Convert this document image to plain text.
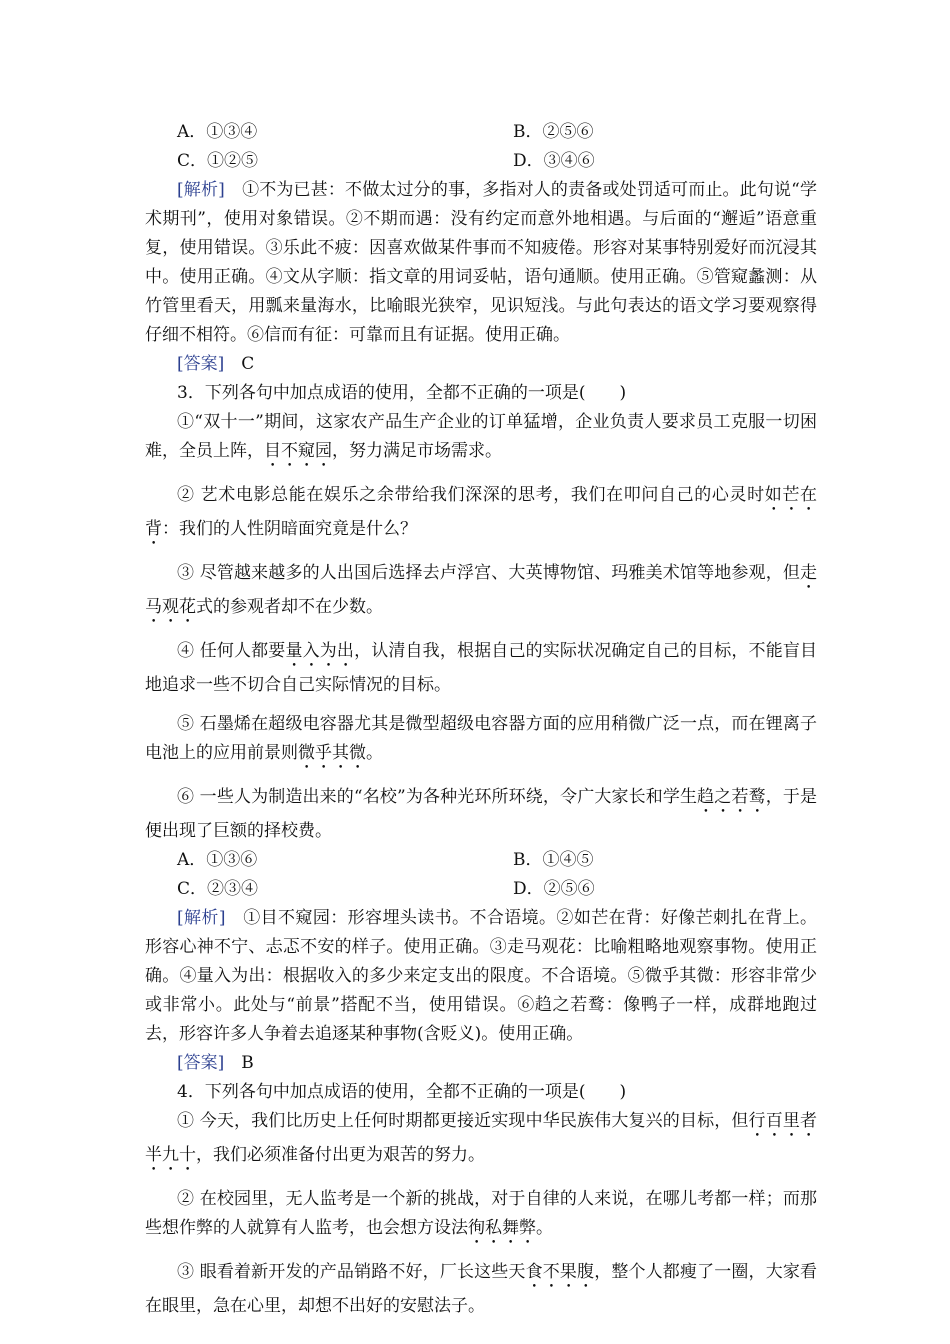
A．①③④	B．②⑤⑥
C．①②⑤	D．③④⑥

[解析]　 ①不为已甚：不做太过分的事，多指对人的责备或处罚适可而止。此句说“学术期刊”，使用对象错误。②不期而遇：没有约定而意外地相遇。与后面的“邂逅”语意重复，使用错误。③乐此不疲：因喜欢做某件事而不知疲倦。形容对某事特别爱好而沉浸其中。使用正确。④文从字顺：指文章的用词妥帖，语句通顺。使用正确。⑤管窥蠡测：从竹管里看天，用瓢来量海水，比喻眼光狭窄，见识短浅。与此句表达的语文学习要观察得仔细不相符。⑥信而有征：可靠而且有证据。使用正确。

[答案]　 C

3．下列各句中加点成语的使用，全都不正确的一项是(　　)

①“双十一”期间，这家农产品生产企业的订单猛增，企业负责人要求员工克服一切困难，全员上阵，目不窥园，努力满足市场需求。

② 艺术电影总能在娱乐之余带给我们深深的思考，我们在叩问自己的心灵时如芒在背：我们的人性阴暗面究竟是什么？

③ 尽管越来越多的人出国后选择去卢浮宫、大英博物馆、玛雅美术馆等地参观，但走马观花式的参观者却不在少数。

④ 任何人都要量入为出，认清自我，根据自己的实际状况确定自己的目标，不能盲目地追求一些不切合自己实际情况的目标。

⑤ 石墨烯在超级电容器尤其是微型超级电容器方面的应用稍微广泛一点，而在锂离子电池上的应用前景则微乎其微。

⑥ 一些人为制造出来的“名校”为各种光环所环绕，令广大家长和学生趋之若鹜，于是便出现了巨额的择校费。

A．①③⑥	B．①④⑤
C．②③④	D．②⑤⑥

[解析]　 ①目不窥园：形容埋头读书。不合语境。②如芒在背：好像芒刺扎在背上。形容心神不宁、忐忑不安的样子。使用正确。③走马观花：比喻粗略地观察事物。使用正确。④量入为出：根据收入的多少来定支出的限度。不合语境。⑤微乎其微：形容非常少或非常小。此处与“前景”搭配不当，使用错误。⑥趋之若鹜：像鸭子一样，成群地跑过去，形容许多人争着去追逐某种事物(含贬义)。使用正确。

[答案]　 B

4．下列各句中加点成语的使用，全都不正确的一项是(　　)

① 今天，我们比历史上任何时期都更接近实现中华民族伟大复兴的目标，但行百里者半九十，我们必须准备付出更为艰苦的努力。

② 在校园里，无人监考是一个新的挑战，对于自律的人来说，在哪儿考都一样；而那些想作弊的人就算有人监考，也会想方设法徇私舞弊。

③ 眼看着新开发的产品销路不好，厂长这些天食不果腹，整个人都瘦了一圈，大家看在眼里，急在心里，却想不出好的安慰法子。
